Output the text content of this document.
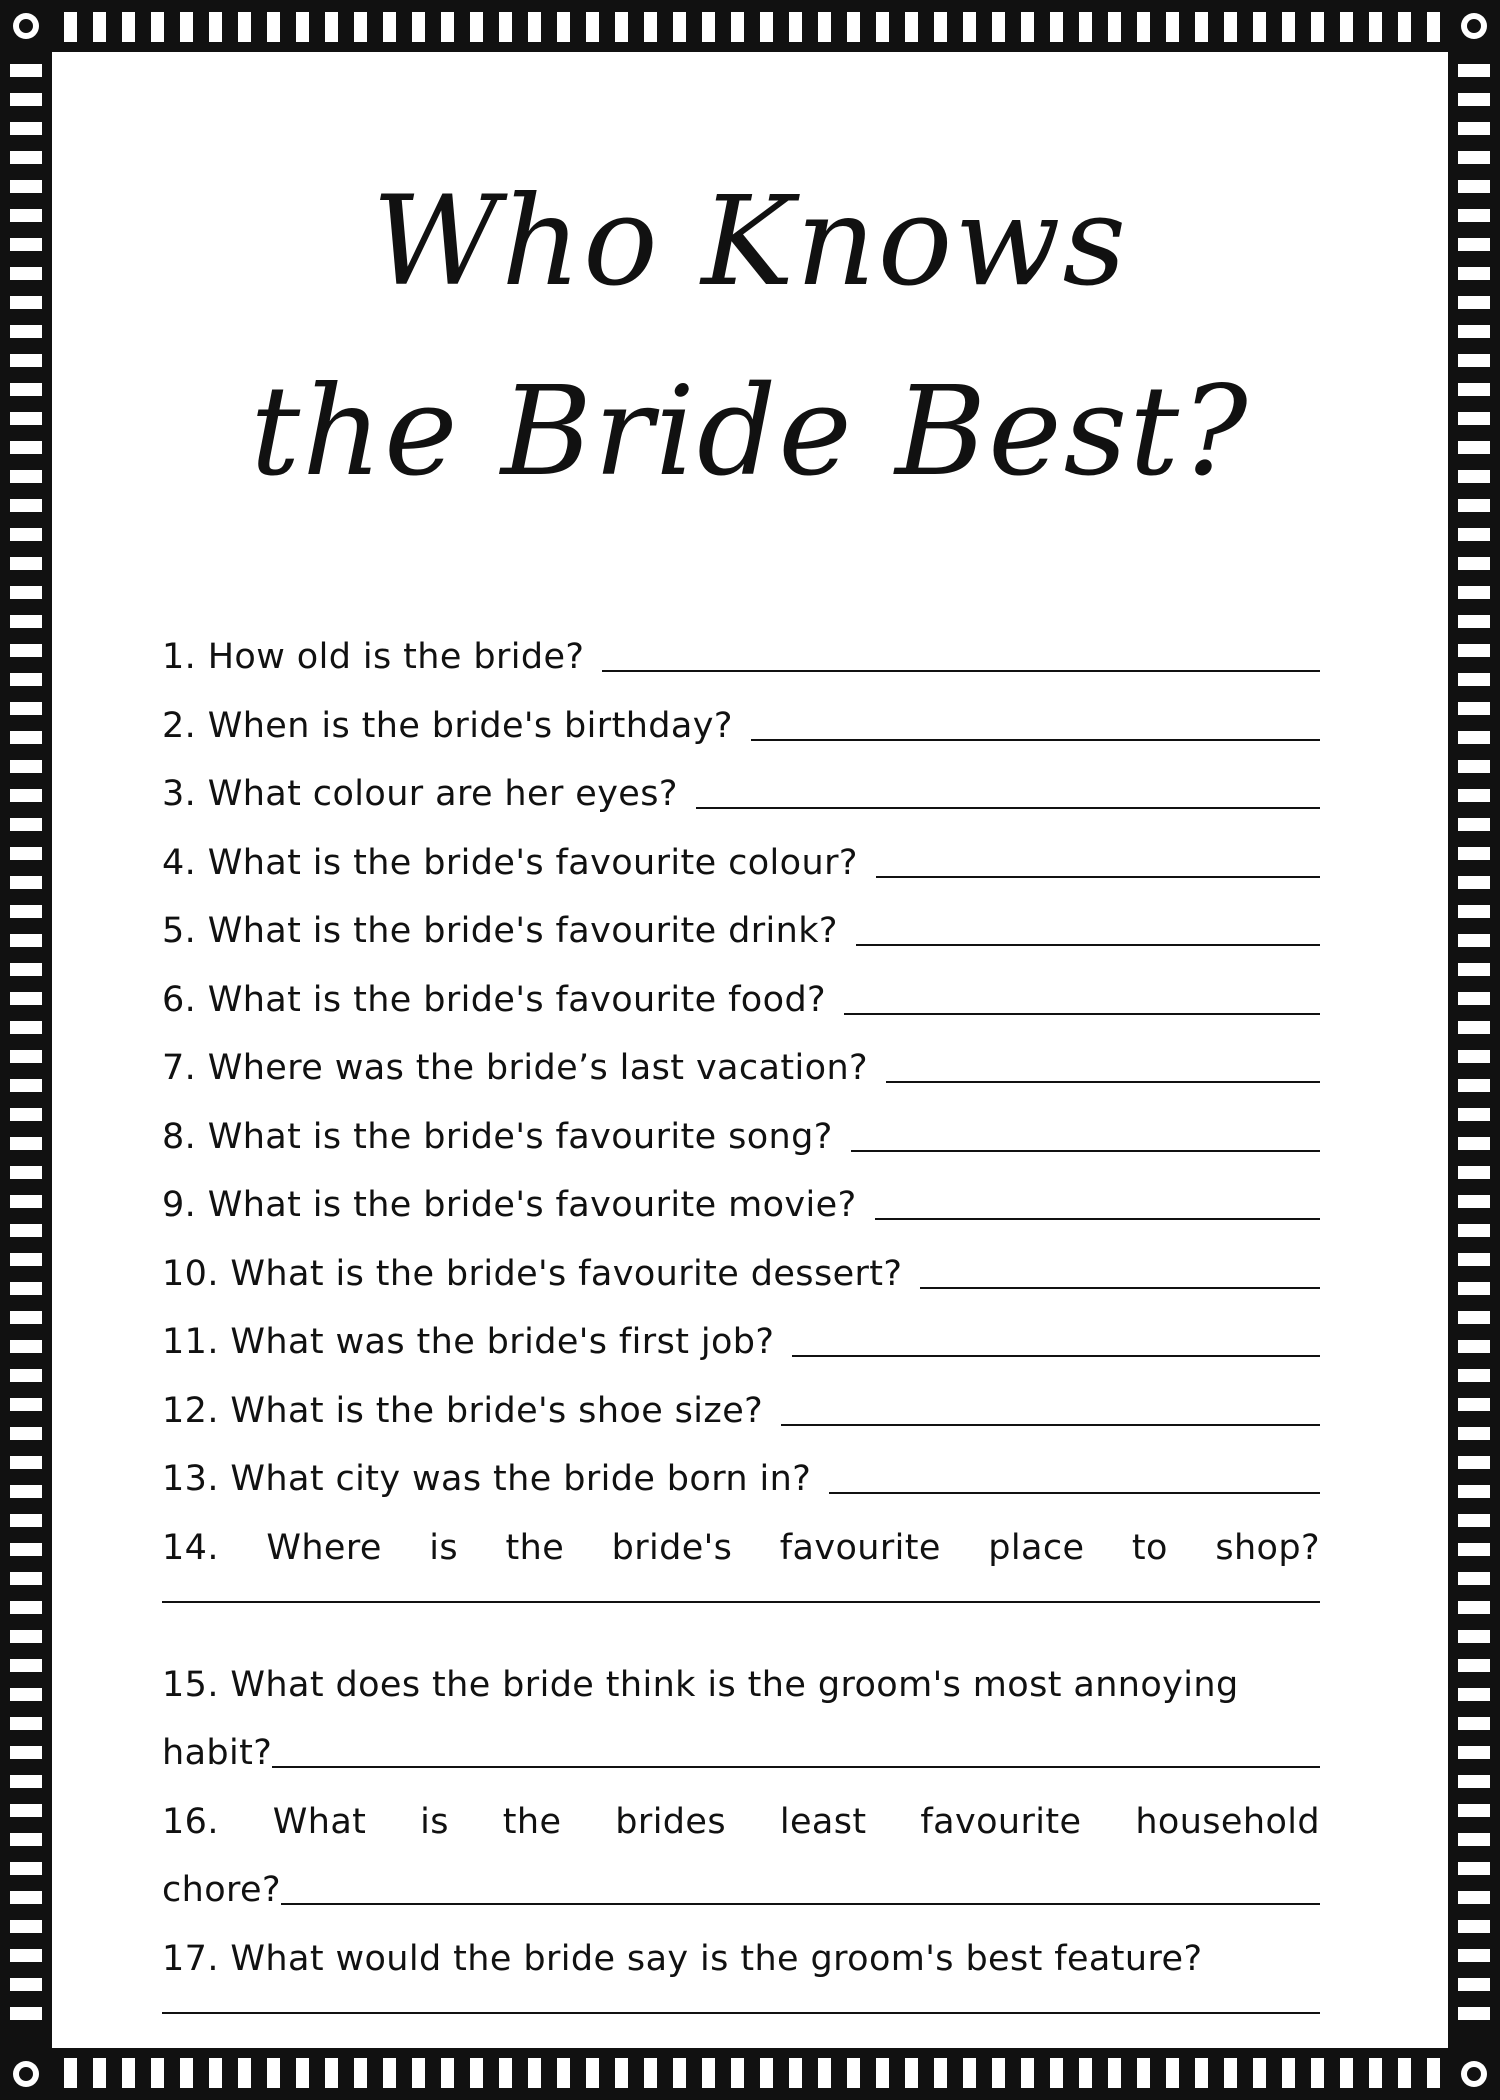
Who Knows
the Bride Best?
1. How old is the bride?
2. When is the bride's birthday?
3. What colour are her eyes?
4. What is the bride's favourite colour?
5. What is the bride's favourite drink?
6. What is the bride's favourite food?
7. Where was the bride’s last vacation?
8. What is the bride's favourite song?
9. What is the bride's favourite movie?
10. What is the bride's favourite dessert?
11. What was the bride's first job?
12. What is the bride's shoe size?
13. What city was the bride born in?
14. Where is the bride's favourite place to shop?
15. What does the bride think is the groom's most annoying
habit?
16. What is the brides least favourite household
chore?
17. What would the bride say is the groom's best feature?
